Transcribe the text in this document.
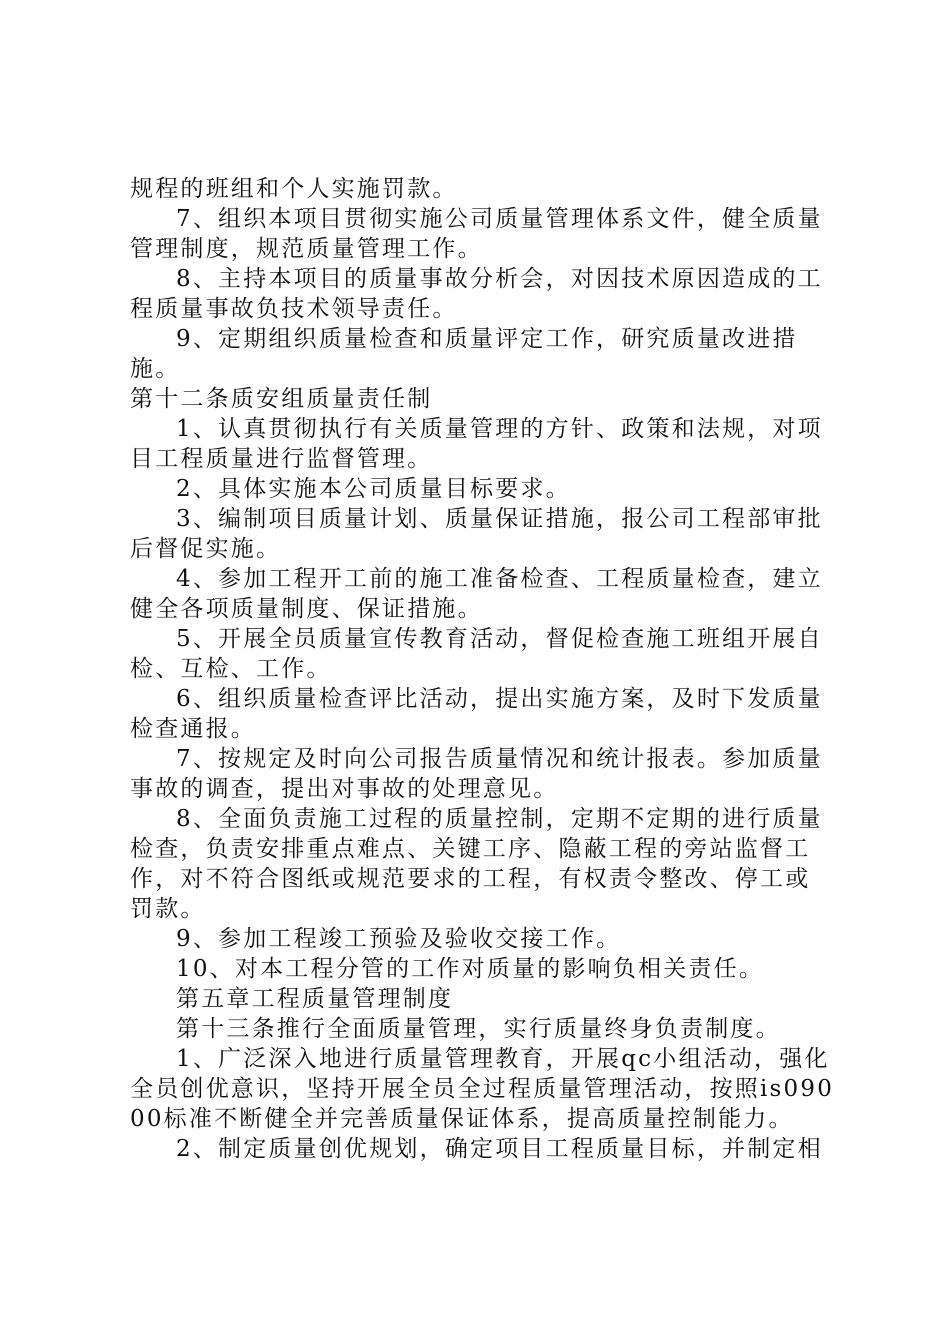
规程的班组和个人实施罚款。

7、组织本项目贯彻实施公司质量管理体系文件，健全质量管理制度，规范质量管理工作。

8、主持本项目的质量事故分析会，对因技术原因造成的工程质量事故负技术领导责任。

9、定期组织质量检查和质量评定工作，研究质量改进措施。

第十二条质安组质量责任制

1、认真贯彻执行有关质量管理的方针、政策和法规，对项目工程质量进行监督管理。

2、具体实施本公司质量目标要求。

3、编制项目质量计划、质量保证措施，报公司工程部审批后督促实施。

4、参加工程开工前的施工准备检查、工程质量检查，建立健全各项质量制度、保证措施。

5、开展全员质量宣传教育活动，督促检查施工班组开展自检、互检、工作。

6、组织质量检查评比活动，提出实施方案，及时下发质量检查通报。

7、按规定及时向公司报告质量情况和统计报表。参加质量事故的调查，提出对事故的处理意见。

8、全面负责施工过程的质量控制，定期不定期的进行质量检查，负责安排重点难点、关键工序、隐蔽工程的旁站监督工作，对不符合图纸或规范要求的工程，有权责令整改、停工或罚款。

9、参加工程竣工预验及验收交接工作。

10、对本工程分管的工作对质量的影响负相关责任。

第五章工程质量管理制度

第十三条推行全面质量管理，实行质量终身负责制度。

1、广泛深入地进行质量管理教育，开展qc小组活动，强化全员创优意识，坚持开展全员全过程质量管理活动，按照is09000标准不断健全并完善质量保证体系，提高质量控制能力。

2、制定质量创优规划，确定项目工程质量目标，并制定相
